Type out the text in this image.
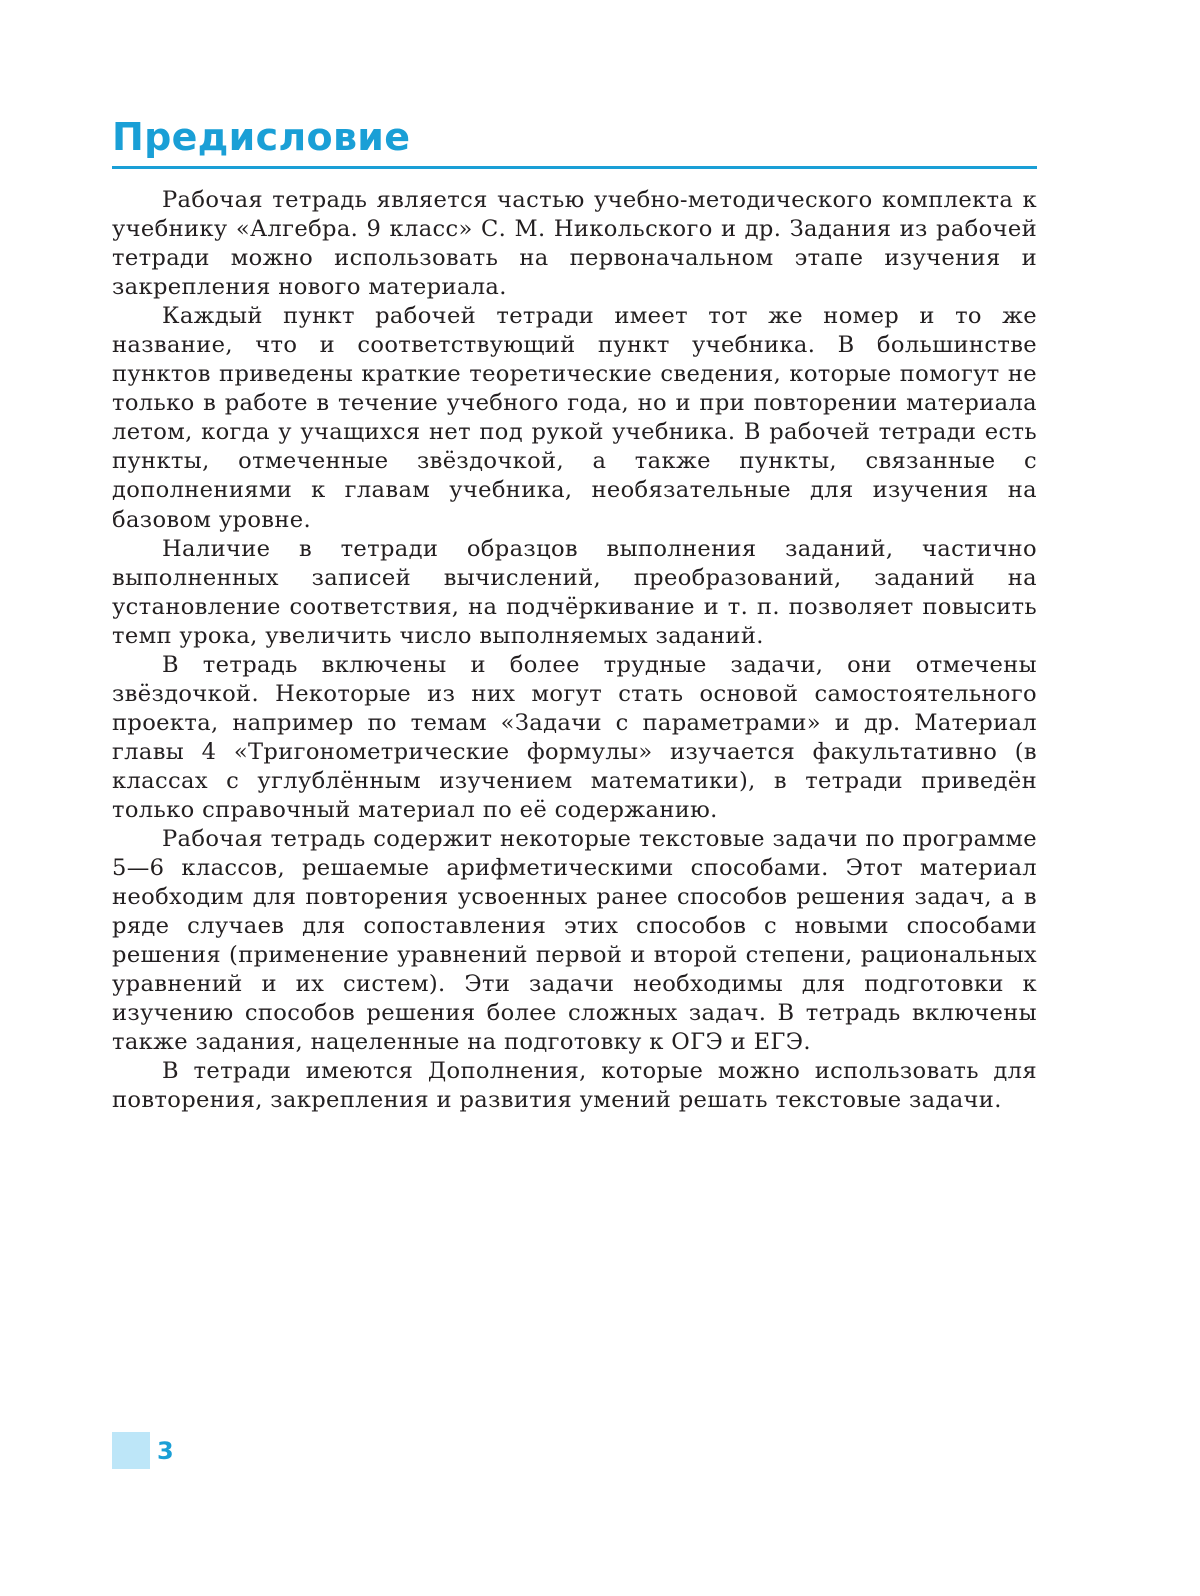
Предисловие

Рабочая тетрадь является частью учебно-методического комплекта к учебнику «Алгебра. 9 класс» С. М. Никольского и др. Задания из рабочей тетради можно использовать на первоначальном этапе изучения и закрепления нового материала.

Каждый пункт рабочей тетради имеет тот же номер и то же название, что и соответствующий пункт учебника. В большинстве пунктов приведены краткие теоретические сведения, которые помогут не только в работе в течение учебного года, но и при повторении материала летом, когда у учащихся нет под рукой учебника. В рабочей тетради есть пункты, отмеченные звёздочкой, а также пункты, связанные с дополнениями к главам учебника, необязательные для изучения на базовом уровне.

Наличие в тетради образцов выполнения заданий, частично выполненных записей вычислений, преобразований, заданий на установление соответствия, на подчёркивание и т. п. позволяет повысить темп урока, увеличить число выполняемых заданий.

В тетрадь включены и более трудные задачи, они отмечены звёздочкой. Некоторые из них могут стать основой самостоятельного проекта, например по темам «Задачи с параметрами» и др. Материал главы 4 «Тригонометрические формулы» изучается факультативно (в классах с углублённым изучением математики), в тетради приведён только справочный материал по её содержанию.

Рабочая тетрадь содержит некоторые текстовые задачи по программе 5—6 классов, решаемые арифметическими способами. Этот материал необходим для повторения усвоенных ранее способов решения задач, а в ряде случаев для сопоставления этих способов с новыми способами решения (применение уравнений первой и второй степени, рациональных уравнений и их систем). Эти задачи необходимы для подготовки к изучению способов решения более сложных задач. В тетрадь включены также задания, нацеленные на подготовку к ОГЭ и ЕГЭ.

В тетради имеются Дополнения, которые можно использовать для повторения, закрепления и развития умений решать текстовые задачи.

3
